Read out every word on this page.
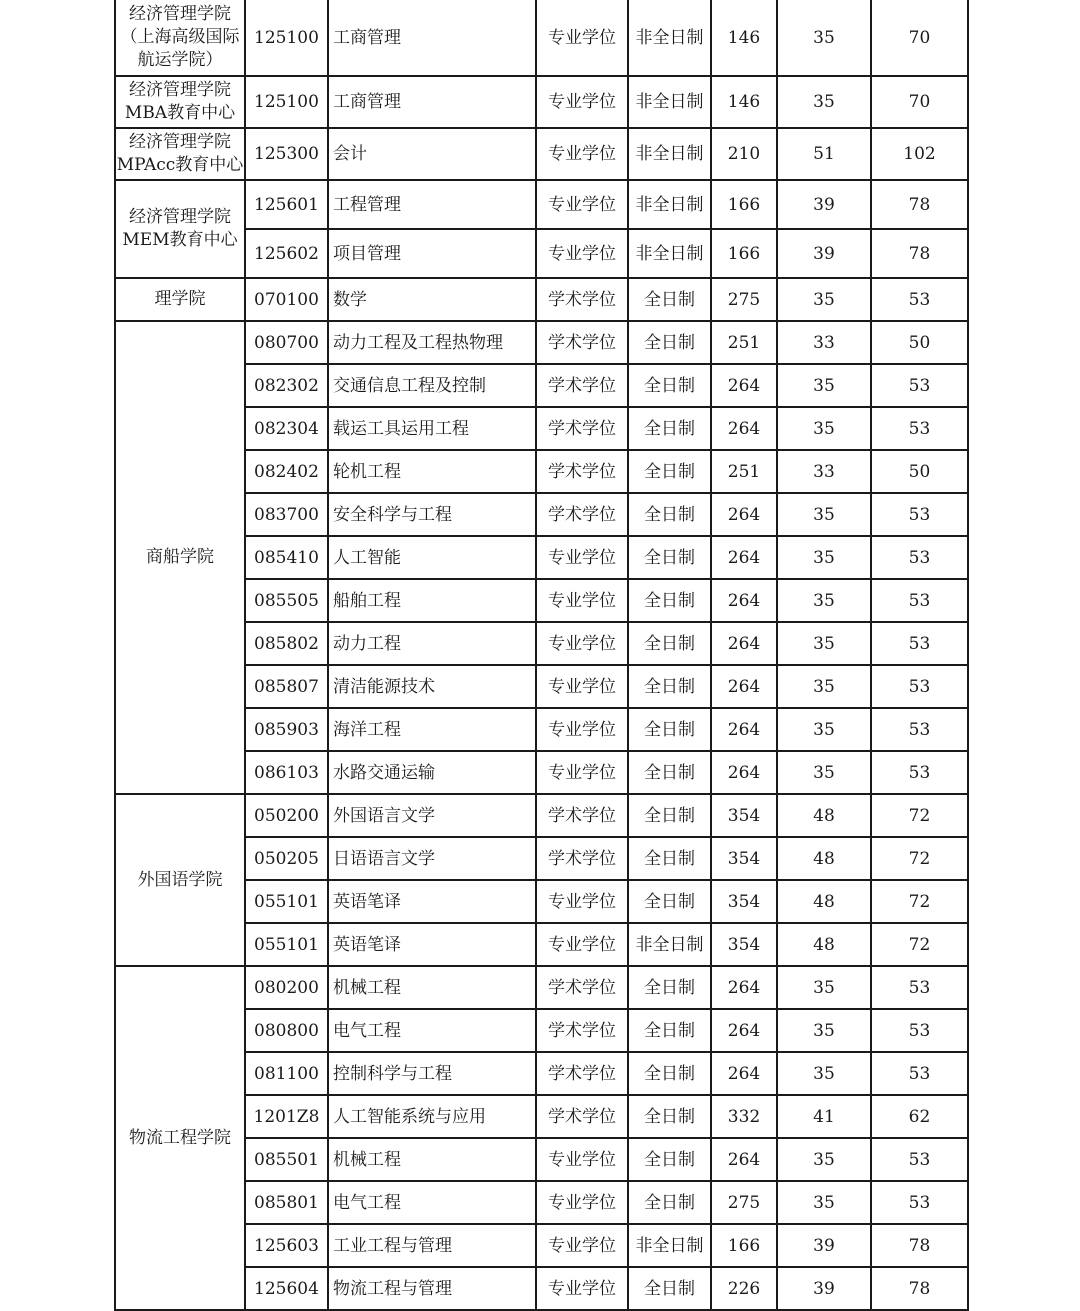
经济管理学院
（上海高级国际
航运学院）	125100	工商管理	专业学位	非全日制	146	35	70

经济管理学院
MBA教育中心	125100	工商管理	专业学位	非全日制	146	35	70

经济管理学院
MPAcc教育中心	125300	会计	专业学位	非全日制	210	51	102

经济管理学院
MEM教育中心	125601	工程管理	专业学位	非全日制	166	39	78
	125602	项目管理	专业学位	非全日制	166	39	78

理学院	070100	数学	学术学位	全日制	275	35	53

商船学院	080700	动力工程及工程热物理	学术学位	全日制	251	33	50
	082302	交通信息工程及控制	学术学位	全日制	264	35	53
	082304	载运工具运用工程	学术学位	全日制	264	35	53
	082402	轮机工程	学术学位	全日制	251	33	50
	083700	安全科学与工程	学术学位	全日制	264	35	53
	085410	人工智能	专业学位	全日制	264	35	53
	085505	船舶工程	专业学位	全日制	264	35	53
	085802	动力工程	专业学位	全日制	264	35	53
	085807	清洁能源技术	专业学位	全日制	264	35	53
	085903	海洋工程	专业学位	全日制	264	35	53
	086103	水路交通运输	专业学位	全日制	264	35	53

外国语学院	050200	外国语言文学	学术学位	全日制	354	48	72
	050205	日语语言文学	学术学位	全日制	354	48	72
	055101	英语笔译	专业学位	全日制	354	48	72
	055101	英语笔译	专业学位	非全日制	354	48	72

物流工程学院	080200	机械工程	学术学位	全日制	264	35	53
	080800	电气工程	学术学位	全日制	264	35	53
	081100	控制科学与工程	学术学位	全日制	264	35	53
	1201Z8	人工智能系统与应用	学术学位	全日制	332	41	62
	085501	机械工程	专业学位	全日制	264	35	53
	085801	电气工程	专业学位	全日制	275	35	53
	125603	工业工程与管理	专业学位	非全日制	166	39	78
	125604	物流工程与管理	专业学位	全日制	226	39	78
